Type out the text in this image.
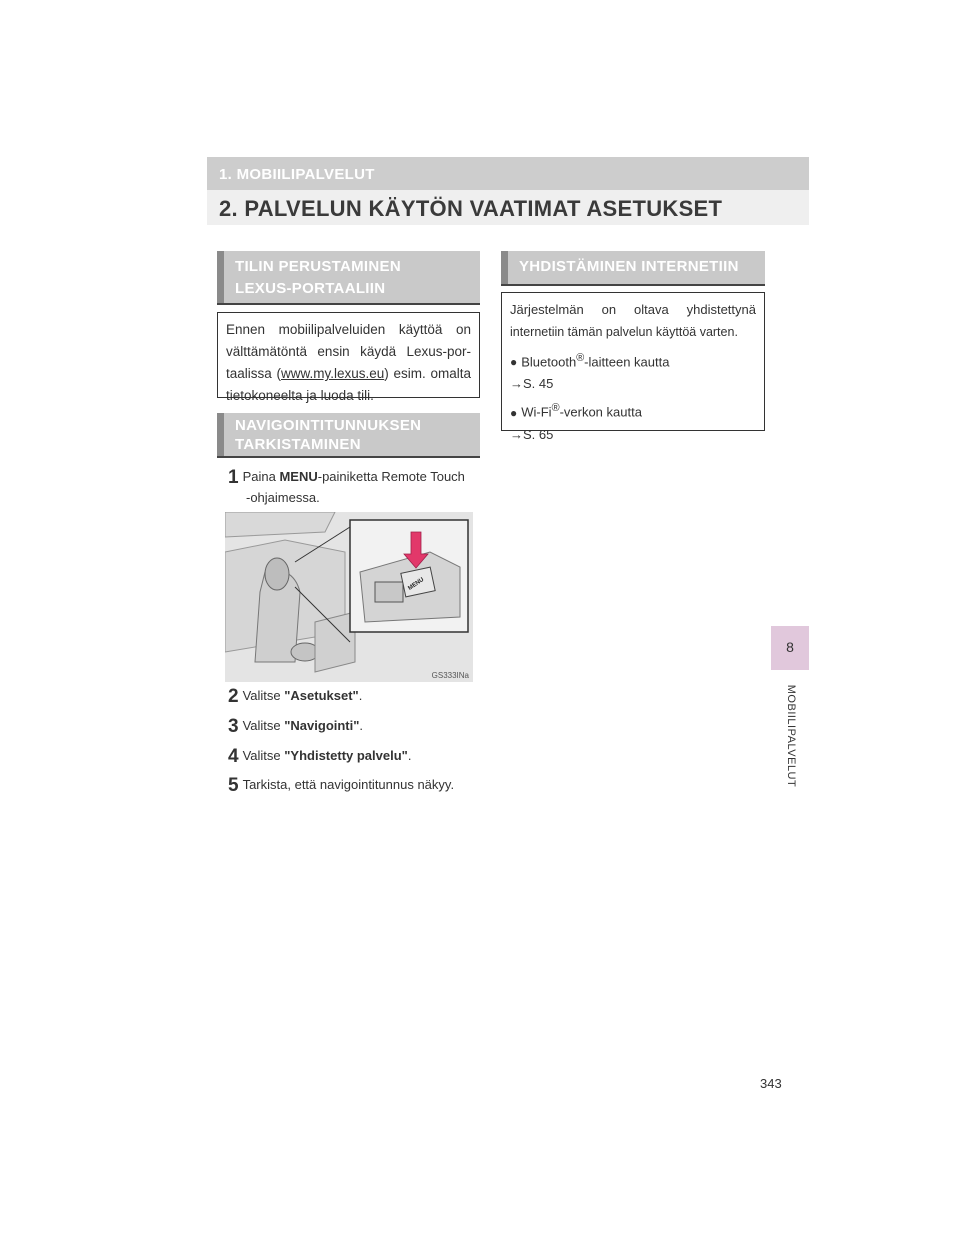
1. MOBIILIPALVELUT
2. PALVELUN KÄYTÖN VAATIMAT ASETUKSET
TILIN PERUSTAMINEN
LEXUS-PORTAALIIN
Ennen mobiilipalveluiden käyttöä on
välttämätöntä ensin käydä Lexus-por-
taalissa (www.my.lexus.eu) esim. omalta
tietokoneelta ja luoda tili.
NAVIGOINTITUNNUKSEN
TARKISTAMINEN
1 Paina MENU-painiketta Remote Touch
-ohjaimessa.
MENU
GS333INa
2 Valitse "Asetukset".
3 Valitse "Navigointi".
4 Valitse "Yhdistetty palvelu".
5 Tarkista, että navigointitunnus näkyy.
YHDISTÄMINEN INTERNETIIN
Järjestelmän on oltava yhdistettynä
internetiin tämän palvelun käyttöä varten.
● Bluetooth®-laitteen kautta
→S. 45
● Wi-Fi®-verkon kautta
→S. 65
8
MOBIILIPALVELUT
343
